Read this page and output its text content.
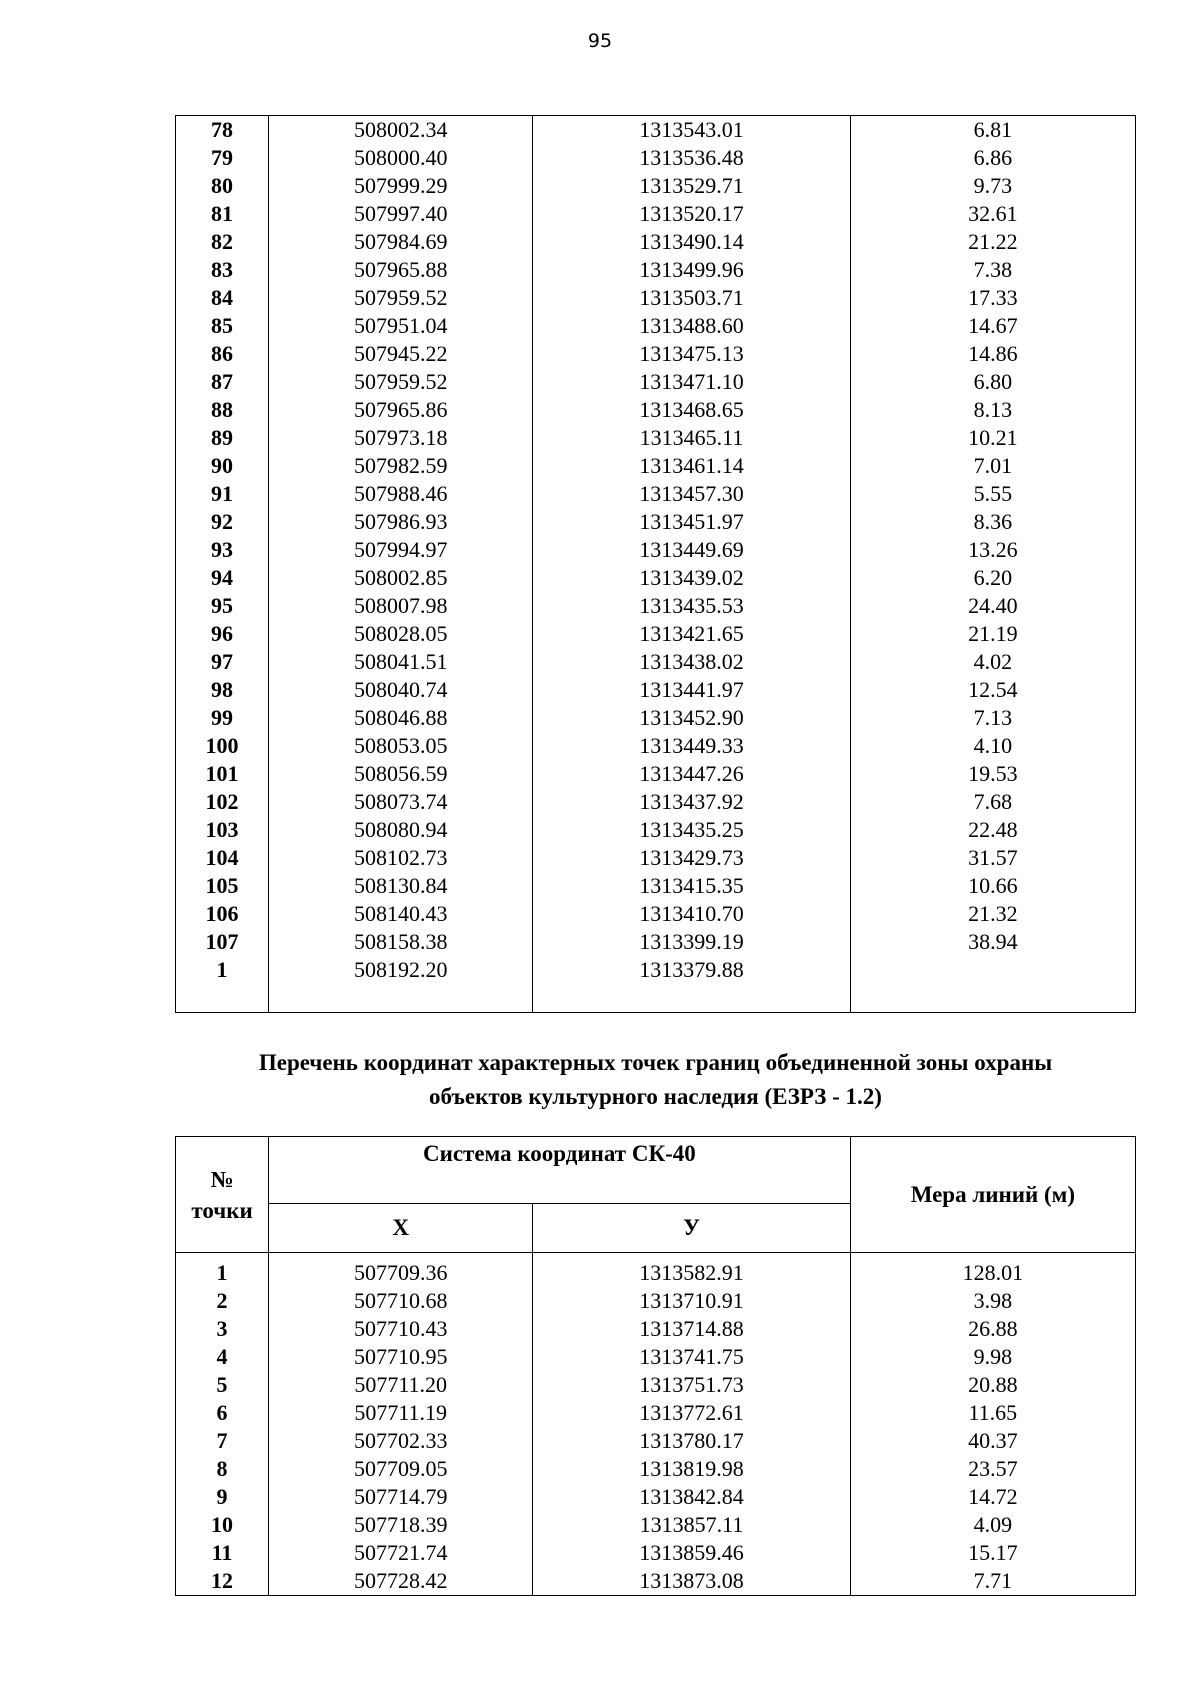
95
78	508002.34	1313543.01	6.81
79	508000.40	1313536.48	6.86
80	507999.29	1313529.71	9.73
81	507997.40	1313520.17	32.61
82	507984.69	1313490.14	21.22
83	507965.88	1313499.96	7.38
84	507959.52	1313503.71	17.33
85	507951.04	1313488.60	14.67
86	507945.22	1313475.13	14.86
87	507959.52	1313471.10	6.80
88	507965.86	1313468.65	8.13
89	507973.18	1313465.11	10.21
90	507982.59	1313461.14	7.01
91	507988.46	1313457.30	5.55
92	507986.93	1313451.97	8.36
93	507994.97	1313449.69	13.26
94	508002.85	1313439.02	6.20
95	508007.98	1313435.53	24.40
96	508028.05	1313421.65	21.19
97	508041.51	1313438.02	4.02
98	508040.74	1313441.97	12.54
99	508046.88	1313452.90	7.13
100	508053.05	1313449.33	4.10
101	508056.59	1313447.26	19.53
102	508073.74	1313437.92	7.68
103	508080.94	1313435.25	22.48
104	508102.73	1313429.73	31.57
105	508130.84	1313415.35	10.66
106	508140.43	1313410.70	21.32
107	508158.38	1313399.19	38.94
1	508192.20	1313379.88	

Перечень координат характерных точек границ объединенной зоны охраны
объектов культурного наследия (ЕЗРЗ - 1.2)
№
точки	Система координат СК-40		Мера линий (м)
	Х	У	
1	507709.36	1313582.91	128.01
2	507710.68	1313710.91	3.98
3	507710.43	1313714.88	26.88
4	507710.95	1313741.75	9.98
5	507711.20	1313751.73	20.88
6	507711.19	1313772.61	11.65
7	507702.33	1313780.17	40.37
8	507709.05	1313819.98	23.57
9	507714.79	1313842.84	14.72
10	507718.39	1313857.11	4.09
11	507721.74	1313859.46	15.17
12	507728.42	1313873.08	7.71
